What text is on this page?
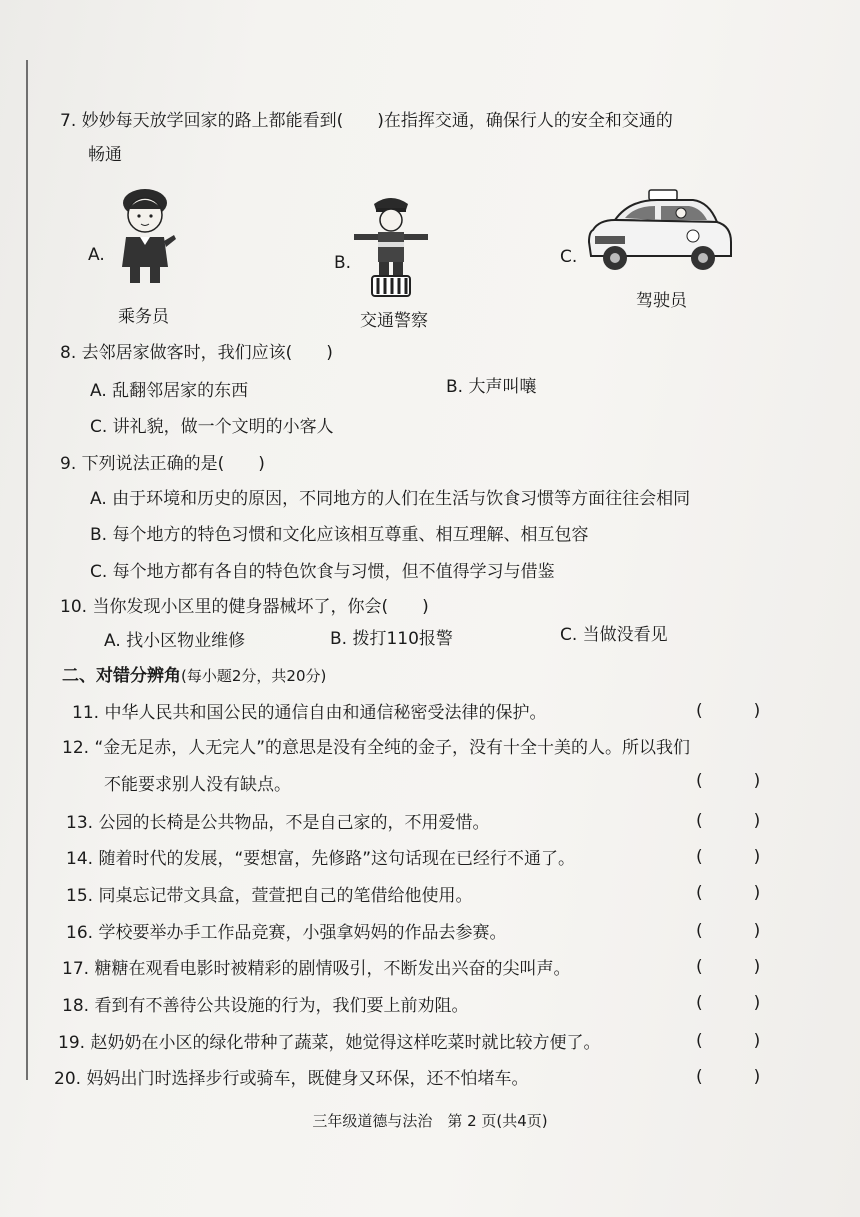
7. 妙妙每天放学回家的路上都能看到(　　)在指挥交通，确保行人的安全和交通的
畅通
A.
乘务员
B.
交通警察
C.
驾驶员
8. 去邻居家做客时，我们应该(　　)
A. 乱翻邻居家的东西	B. 大声叫嚷
C. 讲礼貌，做一个文明的小客人
9. 下列说法正确的是(　　)
A. 由于环境和历史的原因，不同地方的人们在生活与饮食习惯等方面往往会相同
B. 每个地方的特色习惯和文化应该相互尊重、相互理解、相互包容
C. 每个地方都有各自的特色饮食与习惯，但不值得学习与借鉴
10. 当你发现小区里的健身器械坏了，你会(　　)
A. 找小区物业维修	B. 拨打110报警	C. 当做没看见
二、对错分辨角(每小题2分，共20分)
11. 中华人民共和国公民的通信自由和通信秘密受法律的保护。	(　　　)
12. “金无足赤，人无完人”的意思是没有全纯的金子，没有十全十美的人。所以我们
不能要求别人没有缺点。	(　　　)
13. 公园的长椅是公共物品，不是自己家的，不用爱惜。	(　　　)
14. 随着时代的发展，“要想富，先修路”这句话现在已经行不通了。	(　　　)
15. 同桌忘记带文具盒，萱萱把自己的笔借给他使用。	(　　　)
16. 学校要举办手工作品竞赛，小强拿妈妈的作品去参赛。	(　　　)
17. 糖糖在观看电影时被精彩的剧情吸引，不断发出兴奋的尖叫声。	(　　　)
18. 看到有不善待公共设施的行为，我们要上前劝阻。	(　　　)
19. 赵奶奶在小区的绿化带种了蔬菜，她觉得这样吃菜时就比较方便了。	(　　　)
20. 妈妈出门时选择步行或骑车，既健身又环保，还不怕堵车。	(　　　)
三年级道德与法治　第 2 页(共4页)
